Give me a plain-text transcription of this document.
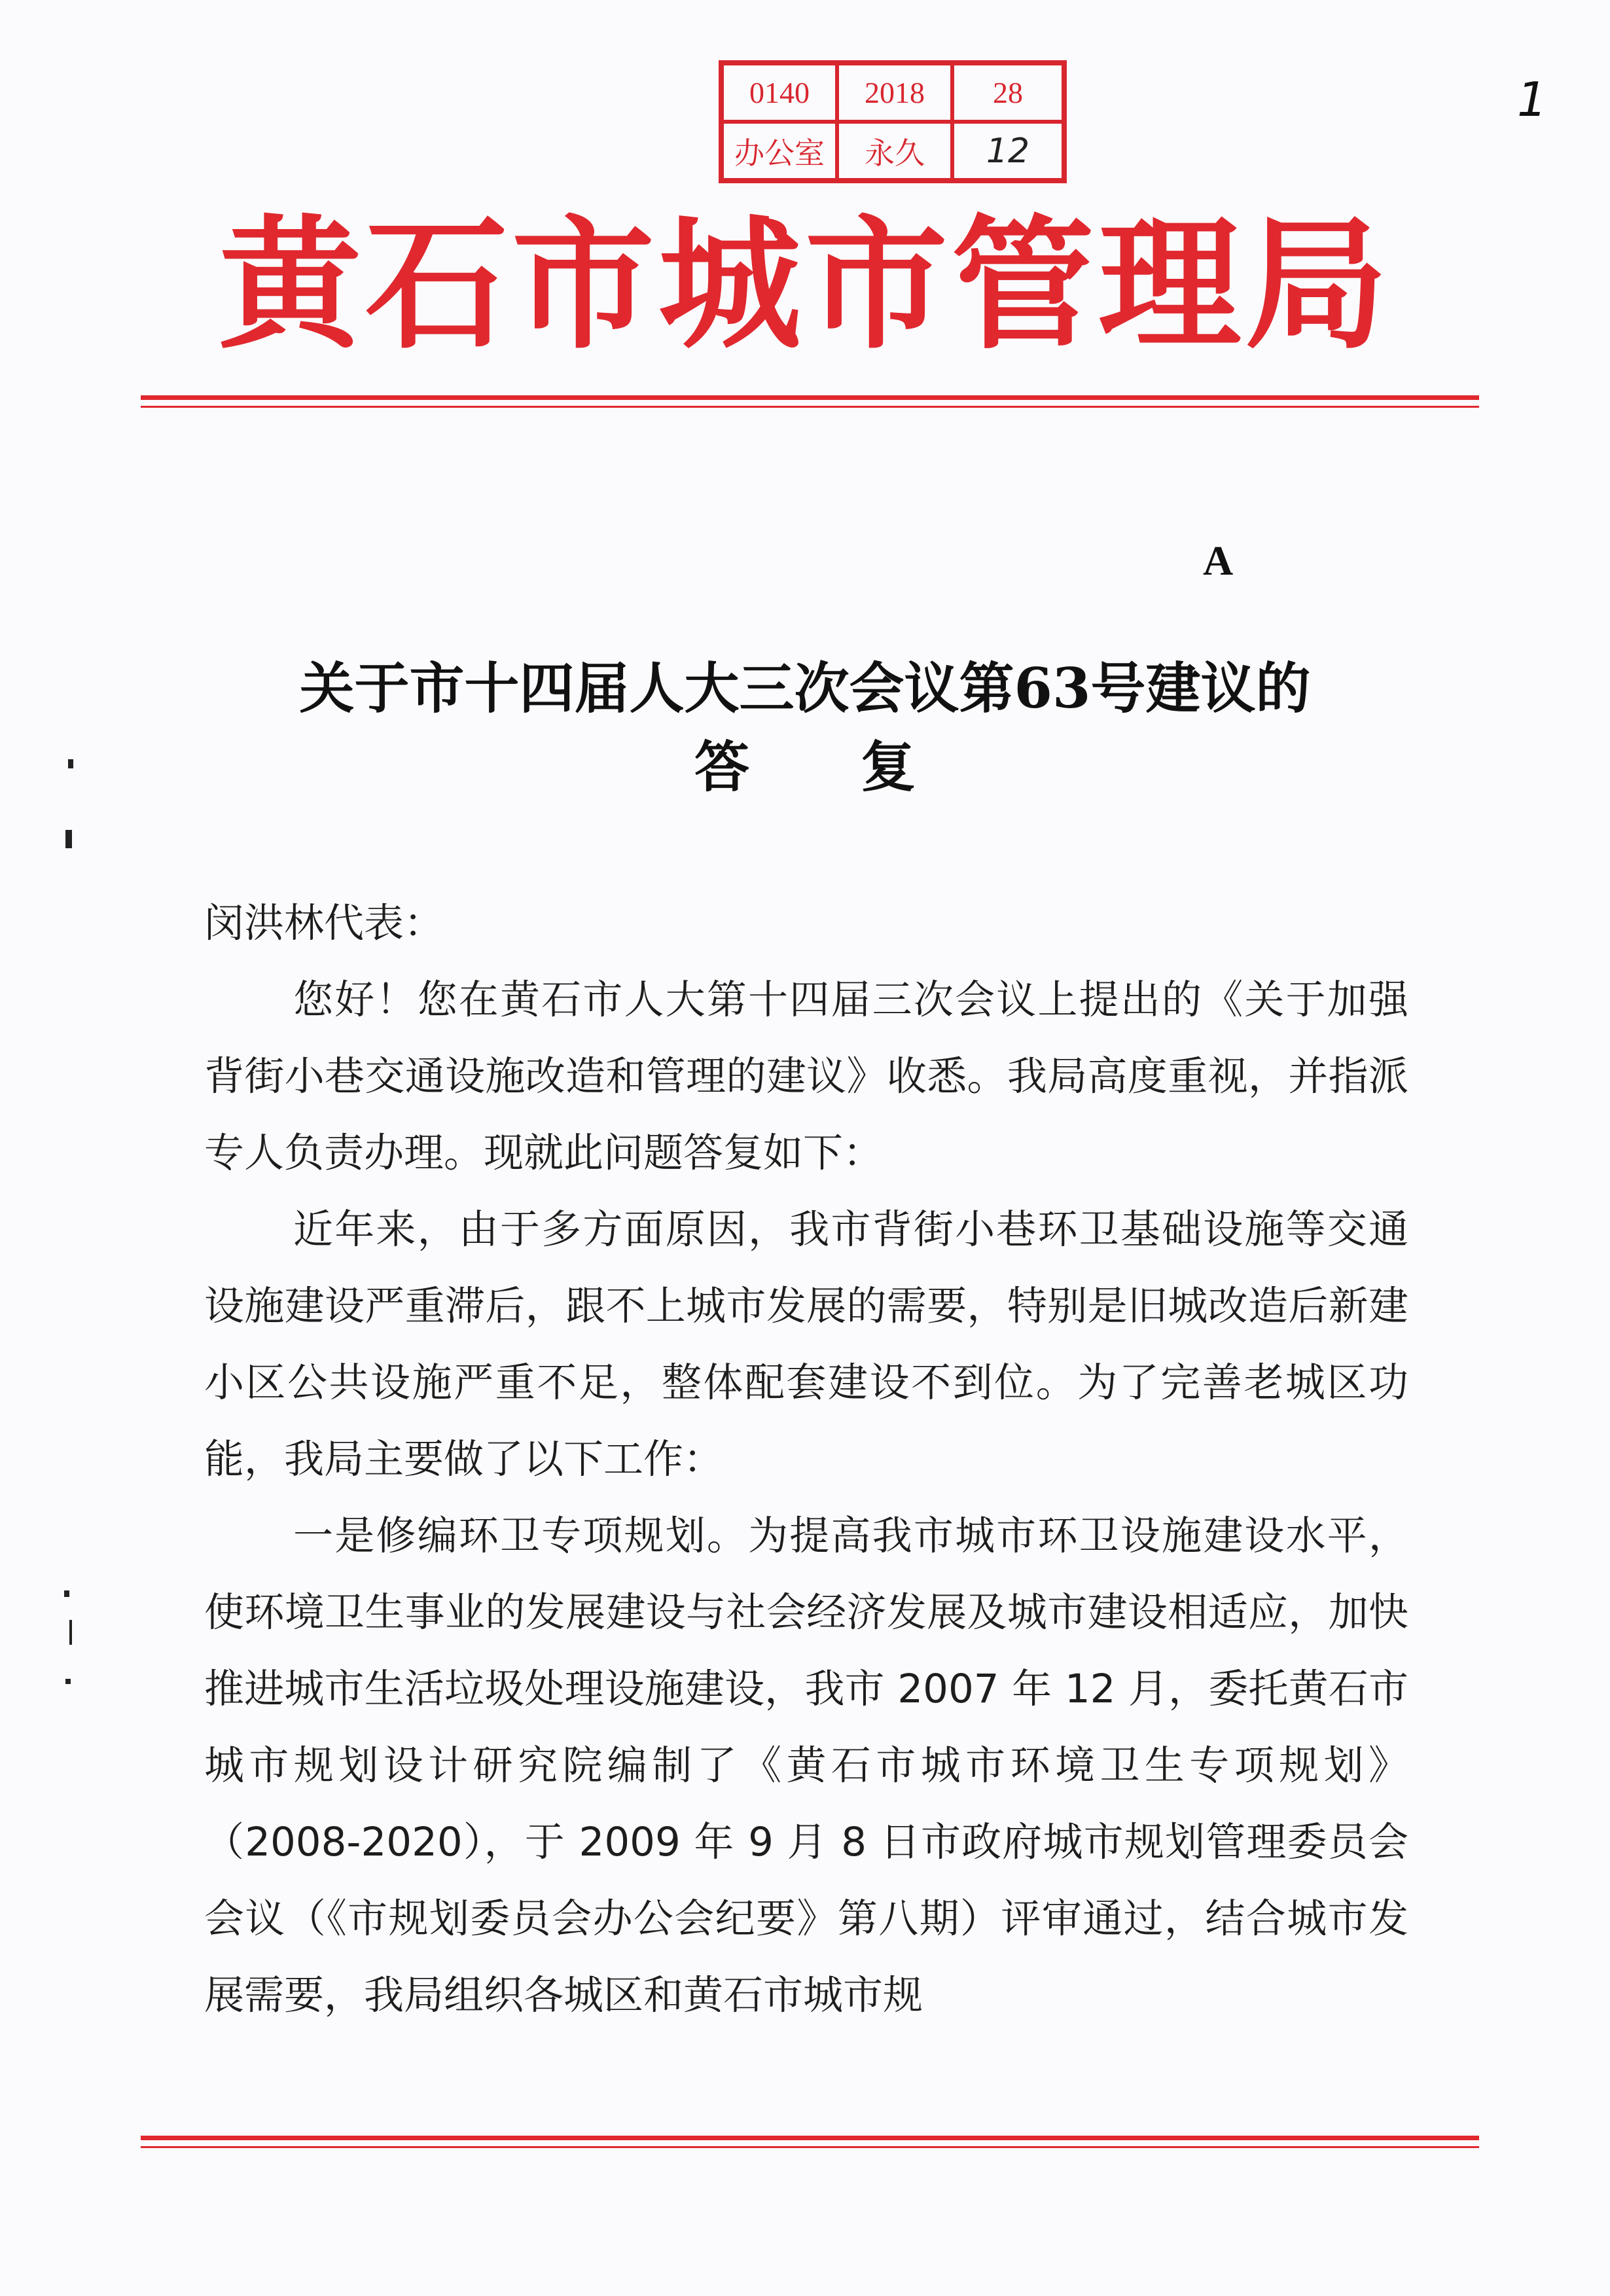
0140	2018	28
办公室	永久	12
1
黄石市城市管理局
A
关于市十四届人大三次会议第63号建议的
答复

闵洪林代表：

您好！您在黄石市人大第十四届三次会议上提出的《关于加强背街小巷交通设施改造和管理的建议》收悉。我局高度重视，并指派专人负责办理。现就此问题答复如下：

近年来，由于多方面原因，我市背街小巷环卫基础设施等交通设施建设严重滞后，跟不上城市发展的需要，特别是旧城改造后新建小区公共设施严重不足，整体配套建设不到位。为了完善老城区功能，我局主要做了以下工作：

一是修编环卫专项规划。为提高我市城市环卫设施建设水平，使环境卫生事业的发展建设与社会经济发展及城市建设相适应，加快推进城市生活垃圾处理设施建设，我市 2007 年 12 月，委托黄石市城市规划设计研究院编制了《黄石市城市环境卫生专项规划》（2008-2020），于 2009 年 9 月 8 日市政府城市规划管理委员会会议（《市规划委员会办公会纪要》第八期）评审通过，结合城市发展需要，我局组织各城区和黄石市城市规
